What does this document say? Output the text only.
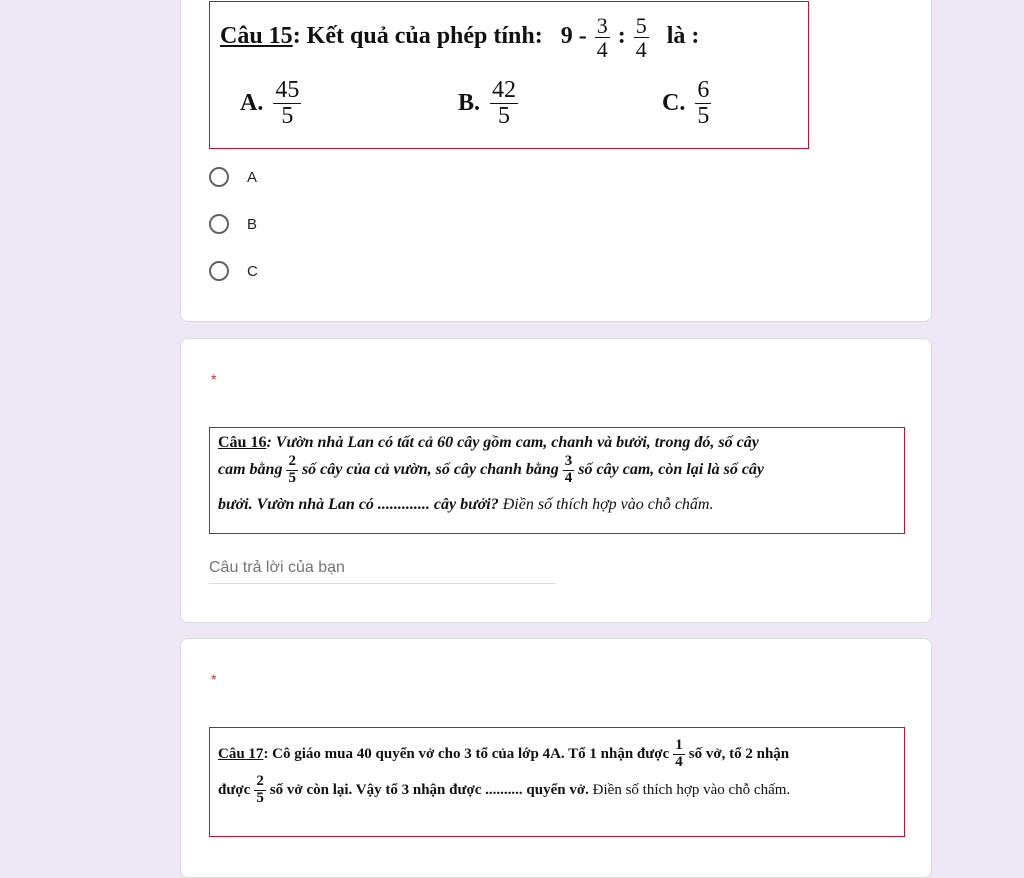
Câu 15: Kết quả của phép tính: $9 - \frac{3}{4}$ : $\frac{5}{4}$ là :
A. $\frac{45}{5}$	B. $\frac{42}{5}$	C. $\frac{6}{5}$
A
B
C
*
Câu 16: Vườn nhà Lan có tất cả 60 cây gồm cam, chanh và bưởi, trong đó, số cây
cam bằng $\frac{2}{5}$ số cây của cả vườn, số cây chanh bằng $\frac{3}{4}$ số cây cam, còn lại là số cây
bưởi. Vườn nhà Lan có ............. cây bưởi? Điền số thích hợp vào chỗ chấm.
Câu trả lời của bạn
*
Câu 17 : Cô giáo mua 40 quyển vở cho 3 tổ của lớp 4A. Tổ 1 nhận được $\frac{1}{4}$ số vở, tổ 2 nhận
được $\frac{2}{5}$ số vở còn lại. Vậy tổ 3 nhận được .......... quyển vở.
Điền số thích hợp vào chỗ chấm.
